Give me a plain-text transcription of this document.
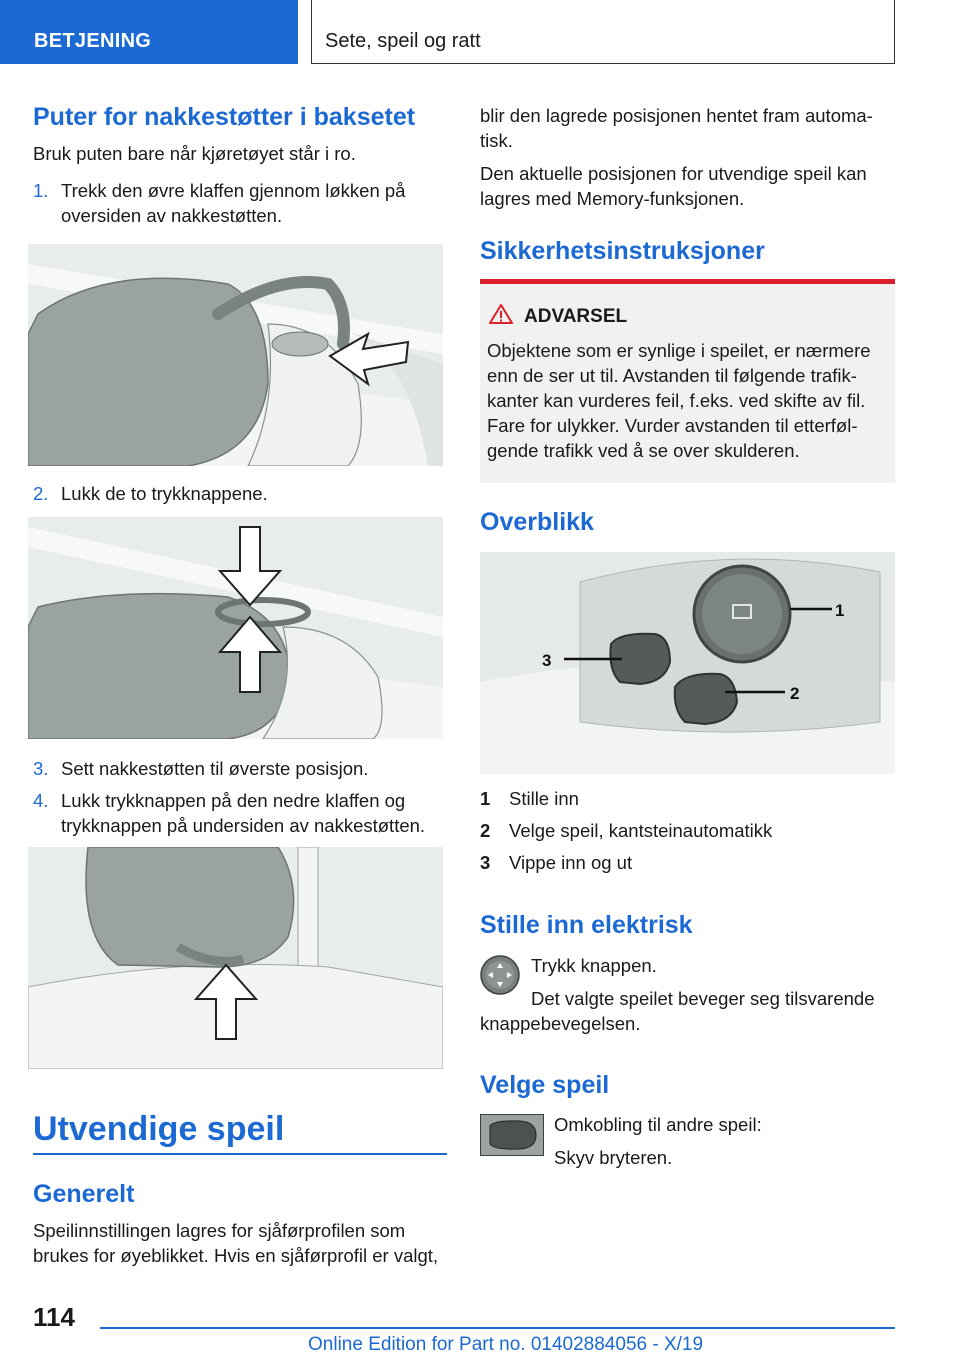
BETJENING	Sete, speil og ratt
Puter for nakkestøtter i baksetet
Bruk puten bare når kjøretøyet står i ro.
1. Trekk den øvre klaffen gjennom løkken på
oversiden av nakkestøtten.
2. Lukk de to trykknappene.
3. Sett nakkestøtten til øverste posisjon.
4. Lukk trykknappen på den nedre klaffen og
trykknappen på undersiden av nakkestøtten.
Utvendige speil
Generelt
Speilinnstillingen lagres for sjåførprofilen som
brukes for øyeblikket. Hvis en sjåførprofil er valgt,
blir den lagrede posisjonen hentet fram automa-
tisk.
Den aktuelle posisjonen for utvendige speil kan
lagres med Memory-funksjonen.
Sikkerhetsinstruksjoner
ADVARSEL
Objektene som er synlige i speilet, er nærmere
enn de ser ut til. Avstanden til følgende trafik-
kanter kan vurderes feil, f.eks. ved skifte av fil.
Fare for ulykker. Vurder avstanden til etterføl-
gende trafikk ved å se over skulderen.
Overblikk
1
2
3
1 Stille inn
2 Velge speil, kantsteinautomatikk
3 Vippe inn og ut
Stille inn elektrisk
Trykk knappen.
Det valgte speilet beveger seg tilsvarende
knappebevegelsen.
Velge speil
Omkobling til andre speil:
Skyv bryteren.
114
Online Edition for Part no. 01402884056 - X/19
